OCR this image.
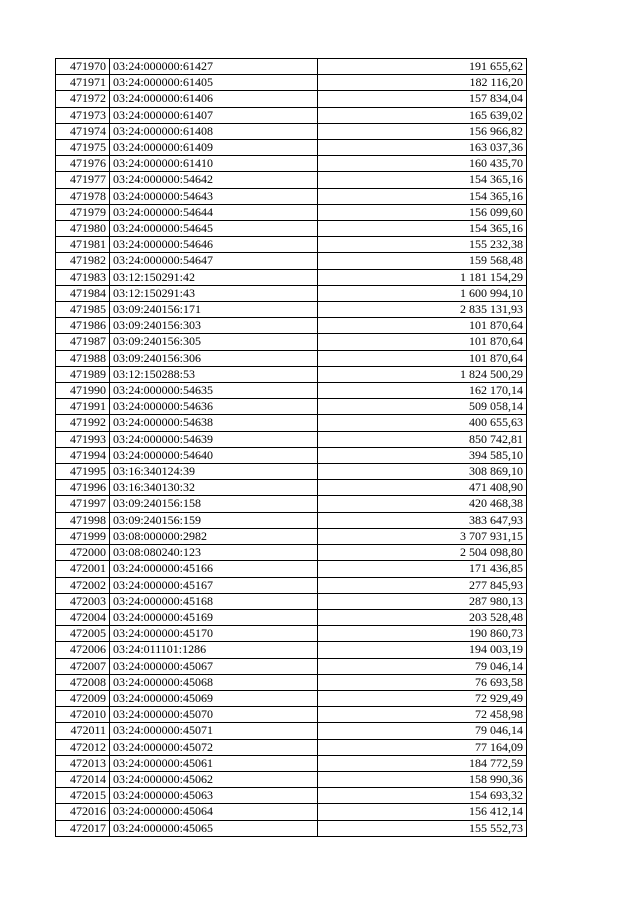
471970	03:24:000000:61427	191 655,62
471971	03:24:000000:61405	182 116,20
471972	03:24:000000:61406	157 834,04
471973	03:24:000000:61407	165 639,02
471974	03:24:000000:61408	156 966,82
471975	03:24:000000:61409	163 037,36
471976	03:24:000000:61410	160 435,70
471977	03:24:000000:54642	154 365,16
471978	03:24:000000:54643	154 365,16
471979	03:24:000000:54644	156 099,60
471980	03:24:000000:54645	154 365,16
471981	03:24:000000:54646	155 232,38
471982	03:24:000000:54647	159 568,48
471983	03:12:150291:42	1 181 154,29
471984	03:12:150291:43	1 600 994,10
471985	03:09:240156:171	2 835 131,93
471986	03:09:240156:303	101 870,64
471987	03:09:240156:305	101 870,64
471988	03:09:240156:306	101 870,64
471989	03:12:150288:53	1 824 500,29
471990	03:24:000000:54635	162 170,14
471991	03:24:000000:54636	509 058,14
471992	03:24:000000:54638	400 655,63
471993	03:24:000000:54639	850 742,81
471994	03:24:000000:54640	394 585,10
471995	03:16:340124:39	308 869,10
471996	03:16:340130:32	471 408,90
471997	03:09:240156:158	420 468,38
471998	03:09:240156:159	383 647,93
471999	03:08:000000:2982	3 707 931,15
472000	03:08:080240:123	2 504 098,80
472001	03:24:000000:45166	171 436,85
472002	03:24:000000:45167	277 845,93
472003	03:24:000000:45168	287 980,13
472004	03:24:000000:45169	203 528,48
472005	03:24:000000:45170	190 860,73
472006	03:24:011101:1286	194 003,19
472007	03:24:000000:45067	79 046,14
472008	03:24:000000:45068	76 693,58
472009	03:24:000000:45069	72 929,49
472010	03:24:000000:45070	72 458,98
472011	03:24:000000:45071	79 046,14
472012	03:24:000000:45072	77 164,09
472013	03:24:000000:45061	184 772,59
472014	03:24:000000:45062	158 990,36
472015	03:24:000000:45063	154 693,32
472016	03:24:000000:45064	156 412,14
472017	03:24:000000:45065	155 552,73
